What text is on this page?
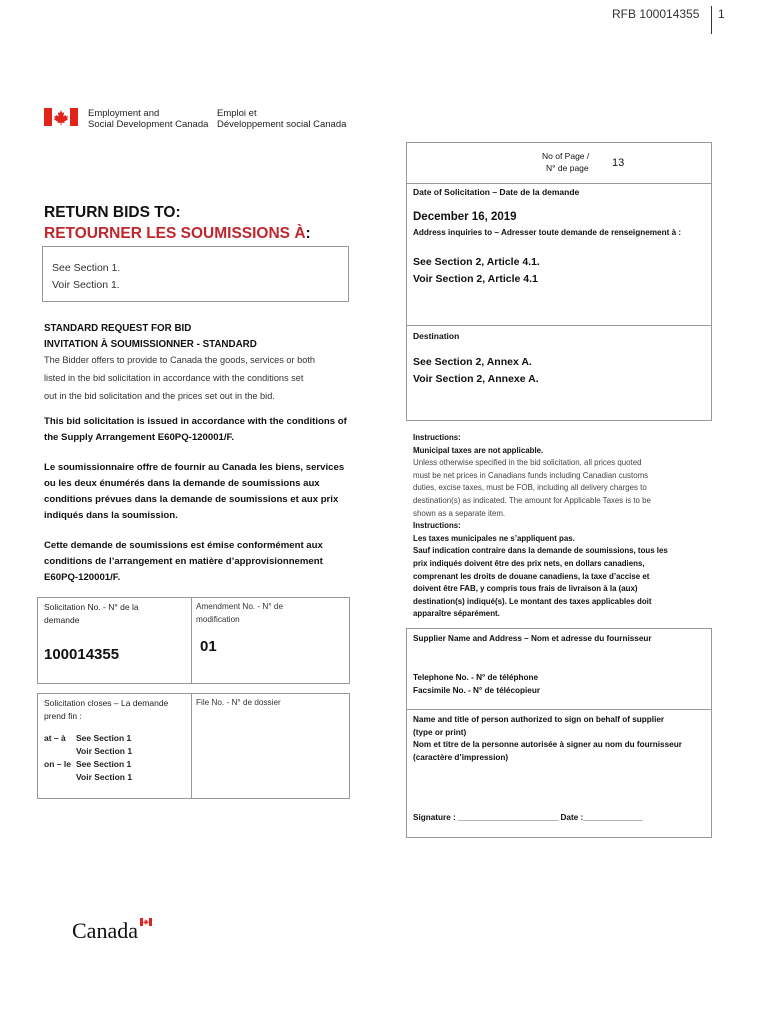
RFB 100014355 1
Employment and
Social Development Canada
Emploi et
Développement social Canada
No of Page /
N° de page 13
Date of Solicitation – Date de la demande
December 16, 2019
Address inquiries to – Adresser toute demande de renseignement à :
See Section 2, Article 4.1.
Voir Section 2, Article 4.1
Destination
See Section 2, Annex A.
Voir Section 2, Annexe A.
RETURN BIDS TO:
RETOURNER LES SOUMISSIONS À:
See Section 1.
Voir Section 1.
STANDARD REQUEST FOR BID
INVITATION À SOUMISSIONNER - STANDARD
The Bidder offers to provide to Canada the goods, services or both
listed in the bid solicitation in accordance with the conditions set
out in the bid solicitation and the prices set out in the bid.
This bid solicitation is issued in accordance with the conditions of
the Supply Arrangement E60PQ-120001/F.
Le soumissionnaire offre de fournir au Canada les biens, services
ou les deux énumérés dans la demande de soumissions aux
conditions prévues dans la demande de soumissions et aux prix
indiqués dans la soumission.
Cette demande de soumissions est émise conformément aux
conditions de l’arrangement en matière d’approvisionnement
E60PQ-120001/F.
Solicitation No. - N° de la
demande
100014355
Amendment No. - N° de
modification
01
Solicitation closes – La demande
prend fin :
at – à See Section 1
Voir Section 1
on – le See Section 1
Voir Section 1
File No. - N° de dossier
Instructions:
Municipal taxes are not applicable.
Unless otherwise specified in the bid solicitation, all prices quoted
must be net prices in Canadians funds including Canadian customs
duties, excise taxes, must be FOB, including all delivery charges to
destination(s) as indicated. The amount for Applicable Taxes is to be
shown as a separate item.
Instructions:
Les taxes municipales ne s’appliquent pas.
Sauf indication contraire dans la demande de soumissions, tous les
prix indiqués doivent être des prix nets, en dollars canadiens,
comprenant les droits de douane canadiens, la taxe d’accise et
doivent être FAB, y compris tous frais de livraison à la (aux)
destination(s) indiqué(s). Le montant des taxes applicables doit
apparaître séparément.
Supplier Name and Address – Nom et adresse du fournisseur
Telephone No. - N° de téléphone
Facsimile No. - N° de télécopieur
Name and title of person authorized to sign on behalf of supplier
(type or print)
Nom et titre de la personne autorisée à signer au nom du fournisseur
(caractère d’impression)
Signature : ______________________ Date :_____________
Canada
